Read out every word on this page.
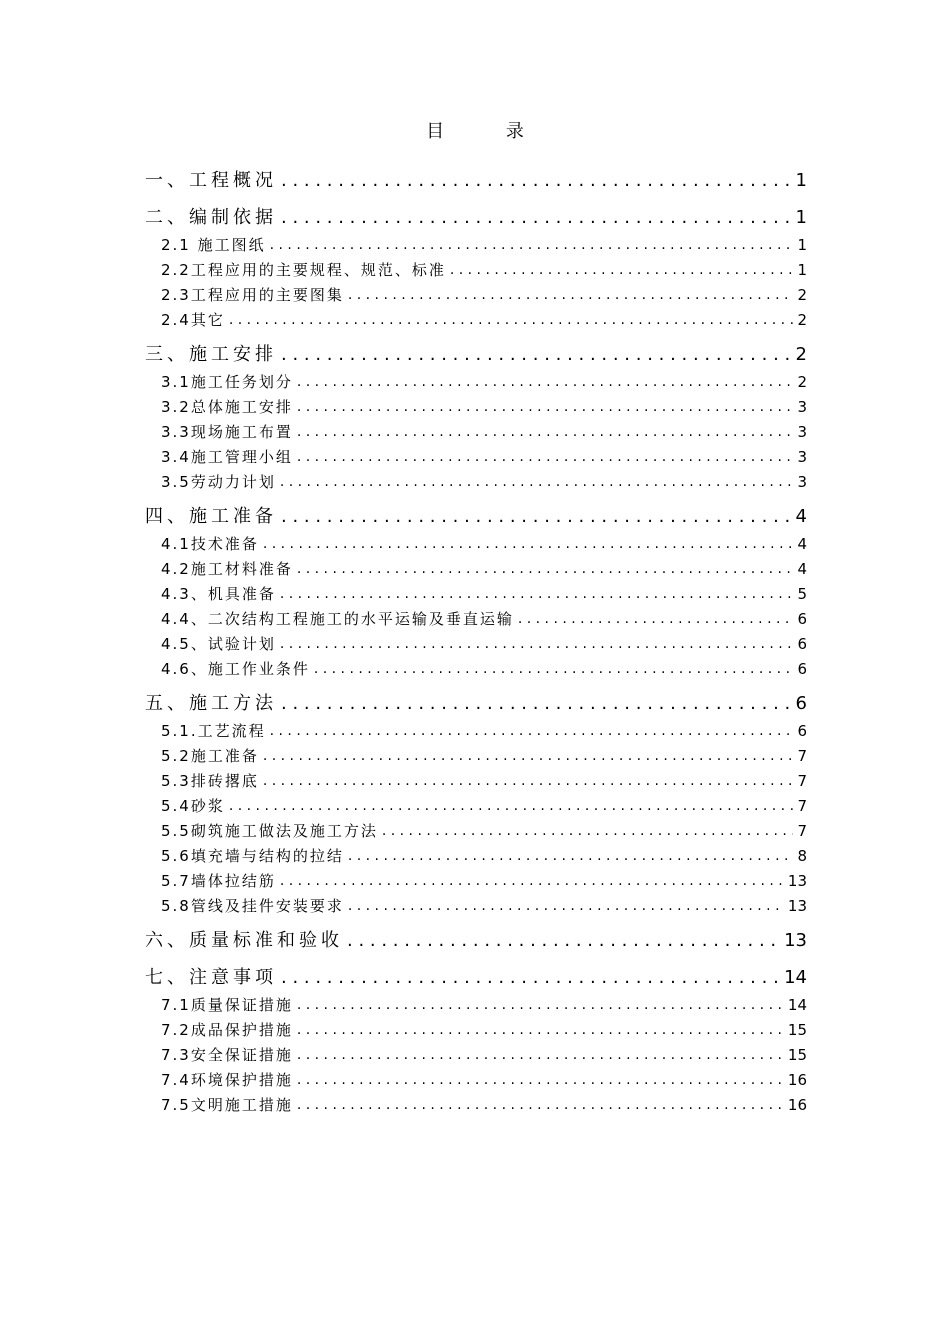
目 录
一、工程概况 . . .	1
二、编制依据 . . .	1
2.1 施工图纸 . . .	1
2.2工程应用的主要规程、规范、标准 . . .	1
2.3工程应用的主要图集 . . .	2
2.4其它 . . .	2
三、施工安排 . . .	2
3.1施工任务划分 . . .	2
3.2总体施工安排 . . .	3
3.3现场施工布置 . . .	3
3.4施工管理小组 . . .	3
3.5劳动力计划 . . .	3
四、施工准备 . . .	4
4.1技术准备 . . .	4
4.2施工材料准备 . . .	4
4.3、机具准备 . . .	5
4.4、二次结构工程施工的水平运输及垂直运输 . . .	6
4.5、试验计划 . . .	6
4.6、施工作业条件 . . .	6
五、施工方法 . . .	6
5.1.工艺流程 . . .	6
5.2施工准备 . . .	7
5.3排砖撂底 . . .	7
5.4砂浆 . . .	7
5.5砌筑施工做法及施工方法 . . .	7
5.6填充墙与结构的拉结 . . .	8
5.7墙体拉结筋 . . .	13
5.8管线及挂件安装要求 . . .	13
六、质量标准和验收 . . .	13
七、注意事项 . . .	14
7.1质量保证措施 . . .	14
7.2成品保护措施 . . .	15
7.3安全保证措施 . . .	15
7.4环境保护措施 . . .	16
7.5文明施工措施 . . .	16
